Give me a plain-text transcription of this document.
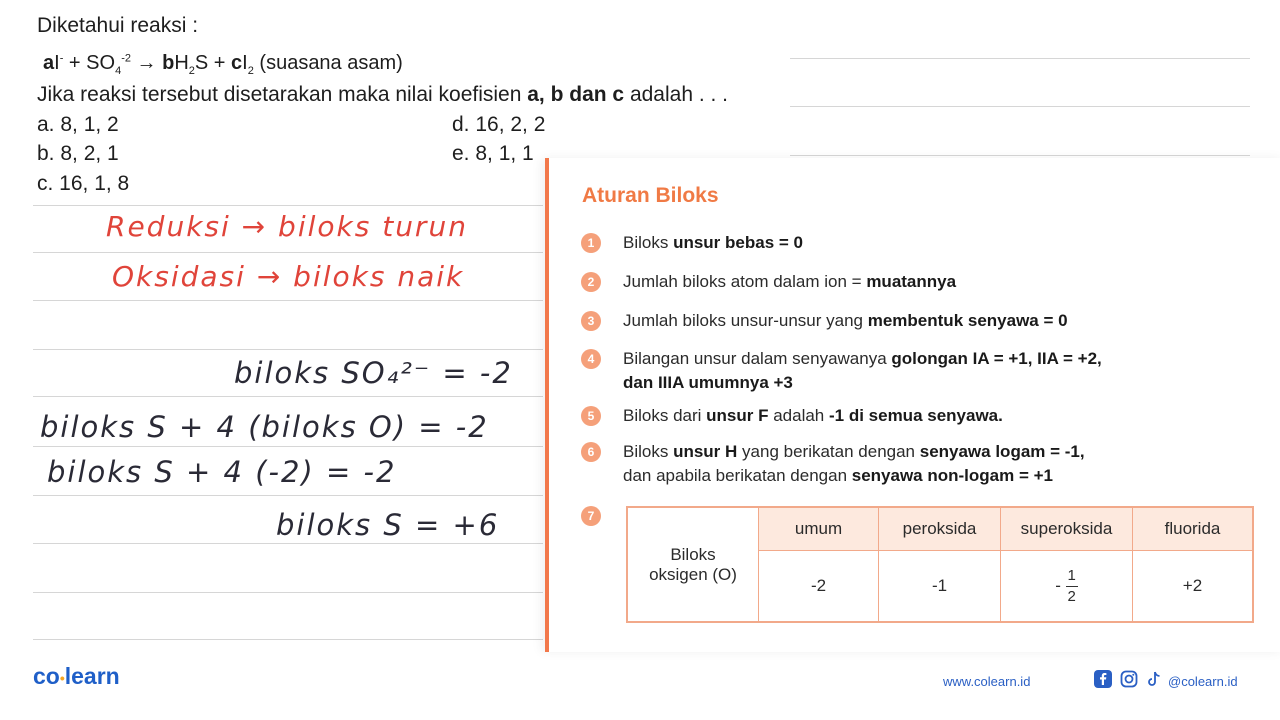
Diketahui reaksi :
$aI^- + SO_4^{-2} \to bH_2S + cI_2$ (suasana asam)
Jika reaksi tersebut disetarakan maka nilai koefisien a, b dan c adalah . . .
a. 8, 1, 2
b. 8, 2, 1
c. 16, 1, 8
d. 16, 2, 2
e. 8, 1, 1
Reduksi → biloks turun
Oksidasi → biloks naik
biloks SO₄²⁻ = -2
biloks S + 4 (biloks O) = -2
biloks S + 4 (-2) = -2
biloks S = +6
Aturan Biloks
1	Biloks unsur bebas = 0
2	Jumlah biloks atom dalam ion = muatannya
3	Jumlah biloks unsur-unsur yang membentuk senyawa = 0
4	Bilangan unsur dalam senyawanya golongan IA = +1, IIA = +2,
dan IIIA umumnya +3
5	Biloks dari unsur F adalah -1 di semua senyawa.
6	Biloks unsur H yang berikatan dengan senyawa logam = -1,
dan apabila berikatan dengan senyawa non-logam = +1
7
Biloks
oksigen (O)	umum	peroksida	superoksida	fluorida
	-2	-1	- $\frac{1}{2}$	+2
co•learn	www.colearn.id	@colearn.id
